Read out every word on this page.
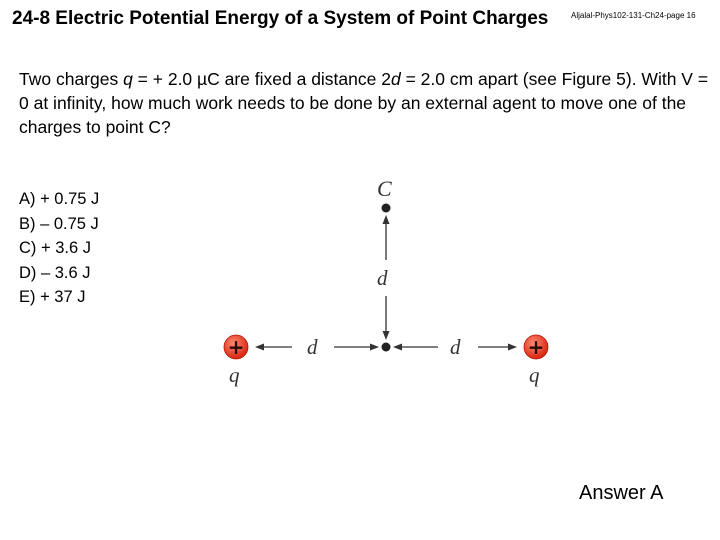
24-8 Electric Potential Energy of a System of Point Charges	Aljalal-Phys102-131-Ch24-page 16
Two charges q = + 2.0 µC are fixed a distance 2d = 2.0 cm apart (see Figure 5). With V = 0 at infinity, how much work needs to be done by an external agent to move one of the charges to point C?
A) + 0.75 J
B) – 0.75 J
C) + 3.6 J
D) – 3.6 J
E) + 37 J
C
d
d	d
+
q
+
q
Answer A
